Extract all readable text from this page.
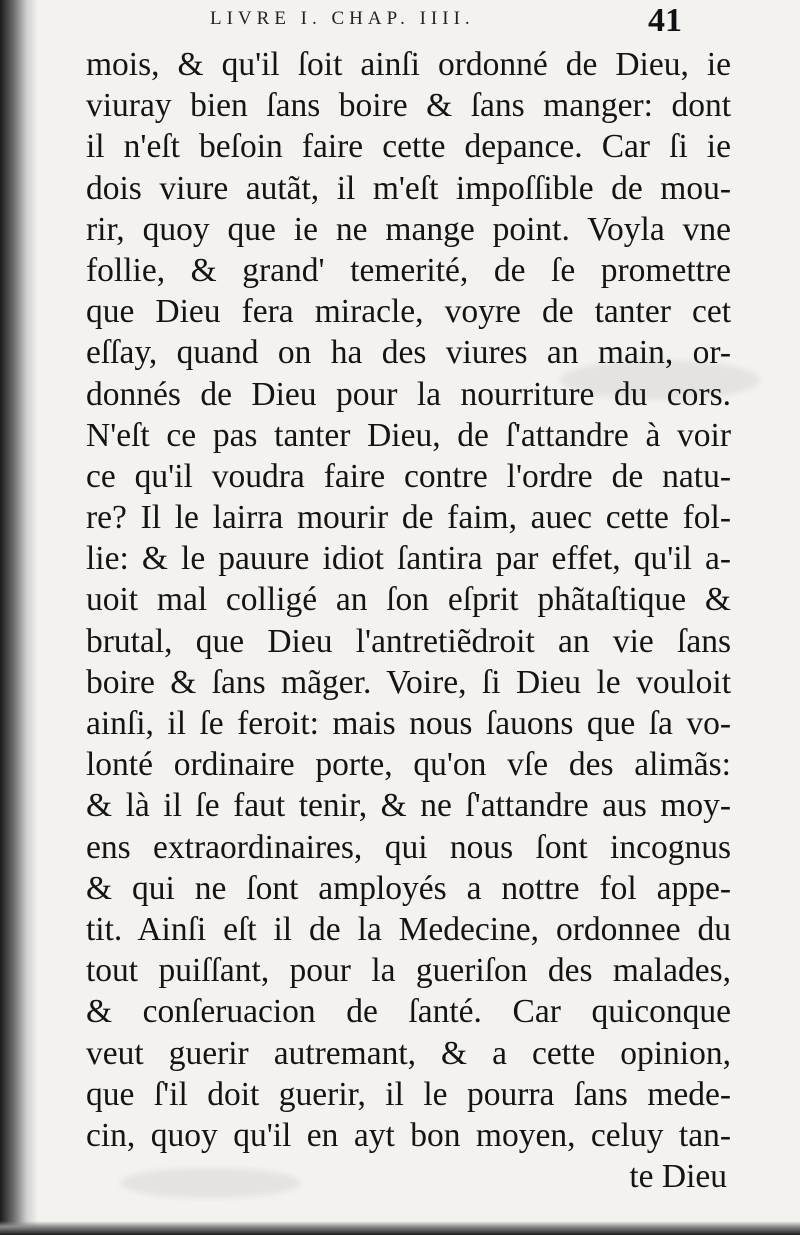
LIVRE I. CHAP. IIII.	41
mois, & qu'il ſoit ainſi ordonné de Dieu, ie
viuray bien ſans boire & ſans manger: dont
il n'eſt beſoin faire cette depance. Car ſi ie
dois viure autãt, il m'eſt impoſſible de mou-
rir, quoy que ie ne mange point. Voyla vne
follie, & grand' temerité, de ſe promettre
que Dieu fera miracle, voyre de tanter cet
eſſay, quand on ha des viures an main, or-
donnés de Dieu pour la nourriture du cors.
N'eſt ce pas tanter Dieu, de ſ'attandre à voir
ce qu'il voudra faire contre l'ordre de natu-
re? Il le lairra mourir de faim, auec cette fol-
lie: & le pauure idiot ſantira par effet, qu'il a-
uoit mal colligé an ſon eſprit phãtaſtique &
brutal, que Dieu l'antretiẽdroit an vie ſans
boire & ſans mãger. Voire, ſi Dieu le vouloit
ainſi, il ſe feroit: mais nous ſauons que ſa vo-
lonté ordinaire porte, qu'on vſe des alimãs:
& là il ſe faut tenir, & ne ſ'attandre aus moy-
ens extraordinaires, qui nous ſont incognus
& qui ne ſont amployés a nottre fol appe-
tit. Ainſi eſt il de la Medecine, ordonnee du
tout puiſſant, pour la gueriſon des malades,
& conſeruacion de ſanté. Car quiconque
veut guerir autremant, & a cette opinion,
que ſ'il doit guerir, il le pourra ſans mede-
cin, quoy qu'il en ayt bon moyen, celuy tan-
te Dieu
